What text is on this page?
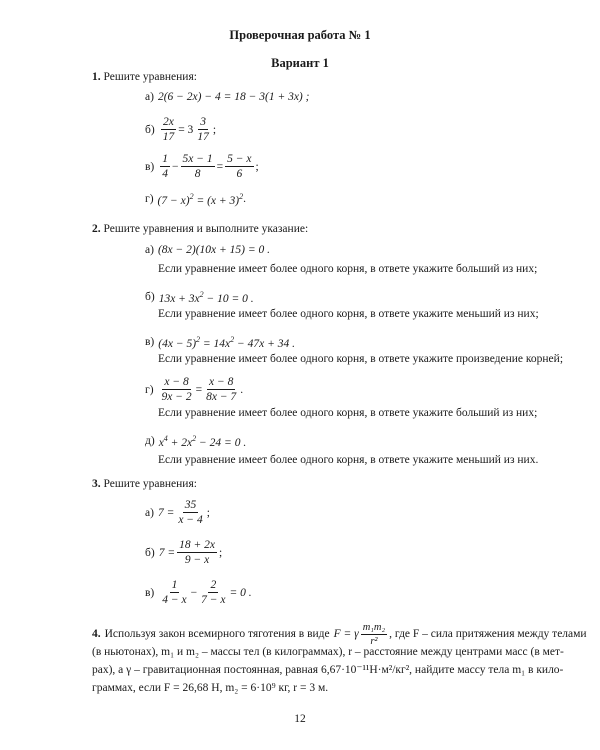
Проверочная работа № 1
Вариант 1
1. Решите уравнения:
а) 2(6 − 2x) − 4 = 18 − 3(1 + 3x) ;
$б) \frac{2x}{17} = 3 \frac{3}{17}$ ;
$в) \frac{1}{4} - \frac{5x - 1}{8} = \frac{5 - x}{6}$ ;
г) $(7 - x)^2 = (x + 3)^2$ .
2. Решите уравнения и выполните указание:
а) (8x − 2)(10x + 15) = 0 .
Если уравнение имеет более одного корня, в ответе укажите больший из них;
б) $13x + 3x^2 - 10 = 0$ .
Если уравнение имеет более одного корня, в ответе укажите меньший из них;
в) $(4x - 5)^2 = 14x^2 - 47x + 34$ .
Если уравнение имеет более одного корня, в ответе укажите произведение корней;
$г) \frac{x - 8}{9x - 2} = \frac{x - 8}{8x - 7}$ .
Если уравнение имеет более одного корня, в ответе укажите больший из них;
д) $x^4 + 2x^2 - 24 = 0$ .
Если уравнение имеет более одного корня, в ответе укажите меньший из них.
3. Решите уравнения:
а) $7 = \frac{35}{x - 4}$ ;
б) $7 = \frac{18 + 2x}{9 - x}$ ;
$в) \frac{1}{4 - x} - \frac{2}{7 - x} = 0$ .
4. Используя закон всемирного тяготения в виде F = γ $\frac{\text{m₁m₂}}{\text{r²}}$ , где F – сила притяжения между телами
(в ньютонах), m₁ и m₂ – массы тел (в килограммах), r – расстояние между центрами масс (в мет-
рах), а γ – гравитационная постоянная, равная 6,67·10⁻¹¹Н·м²/кг², найдите массу тела m₁ в кило-
граммах, если F = 26,68 Н, m₂ = 6·10⁹ кг, r = 3 м.
12
